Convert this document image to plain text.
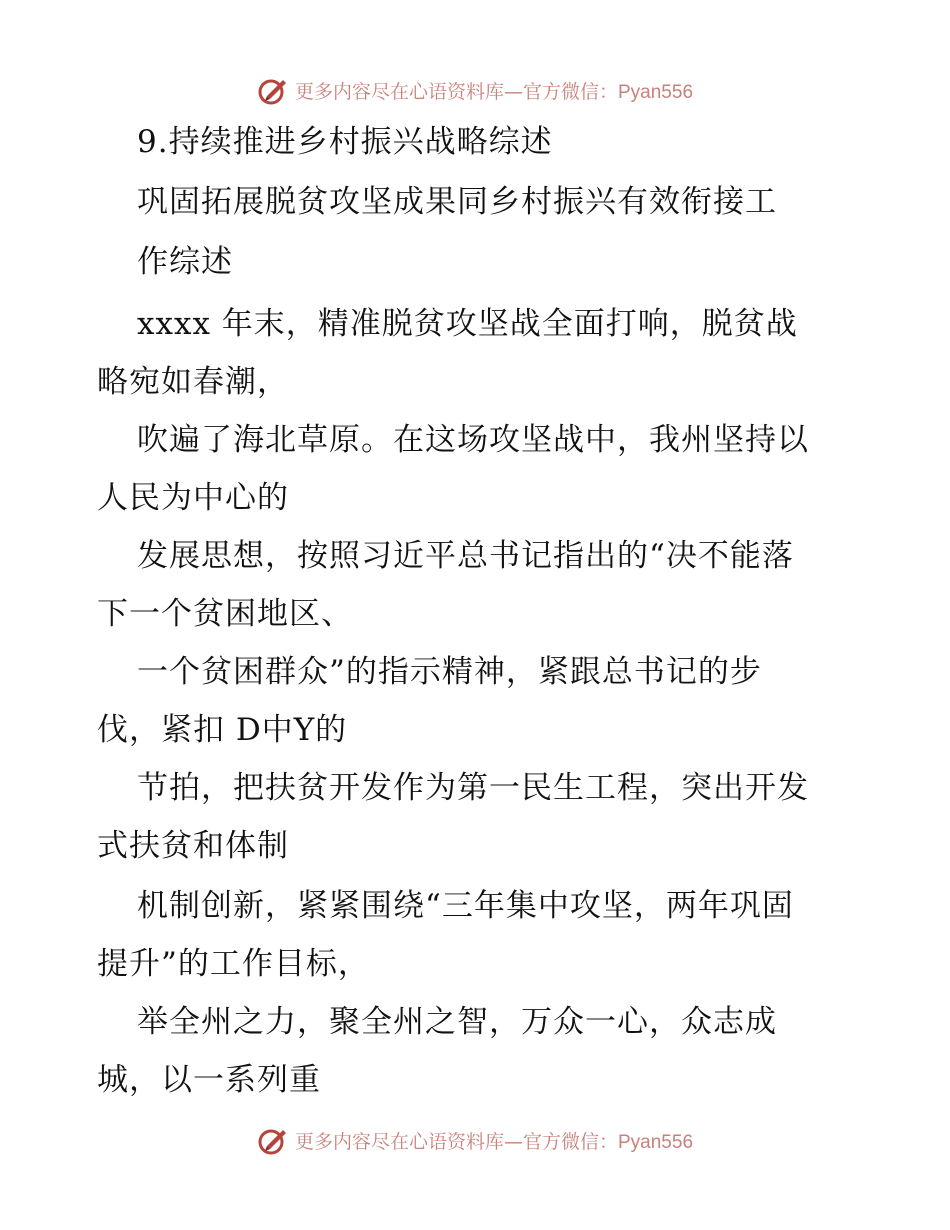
更多内容尽在心语资料库—官方微信：Pyan556
9.持续推进乡村振兴战略综述
巩固拓展脱贫攻坚成果同乡村振兴有效衔接工
作综述
xxxx 年末，精准脱贫攻坚战全面打响，脱贫战
略宛如春潮，
吹遍了海北草原。在这场攻坚战中，我州坚持以
人民为中心的
发展思想，按照习近平总书记指出的“决不能落
下一个贫困地区、
一个贫困群众”的指示精神，紧跟总书记的步
伐，紧扣 D中Y的
节拍，把扶贫开发作为第一民生工程，突出开发
式扶贫和体制
机制创新，紧紧围绕“三年集中攻坚，两年巩固
提升”的工作目标，
举全州之力，聚全州之智，万众一心，众志成
城，以一系列重
更多内容尽在心语资料库—官方微信：Pyan556
